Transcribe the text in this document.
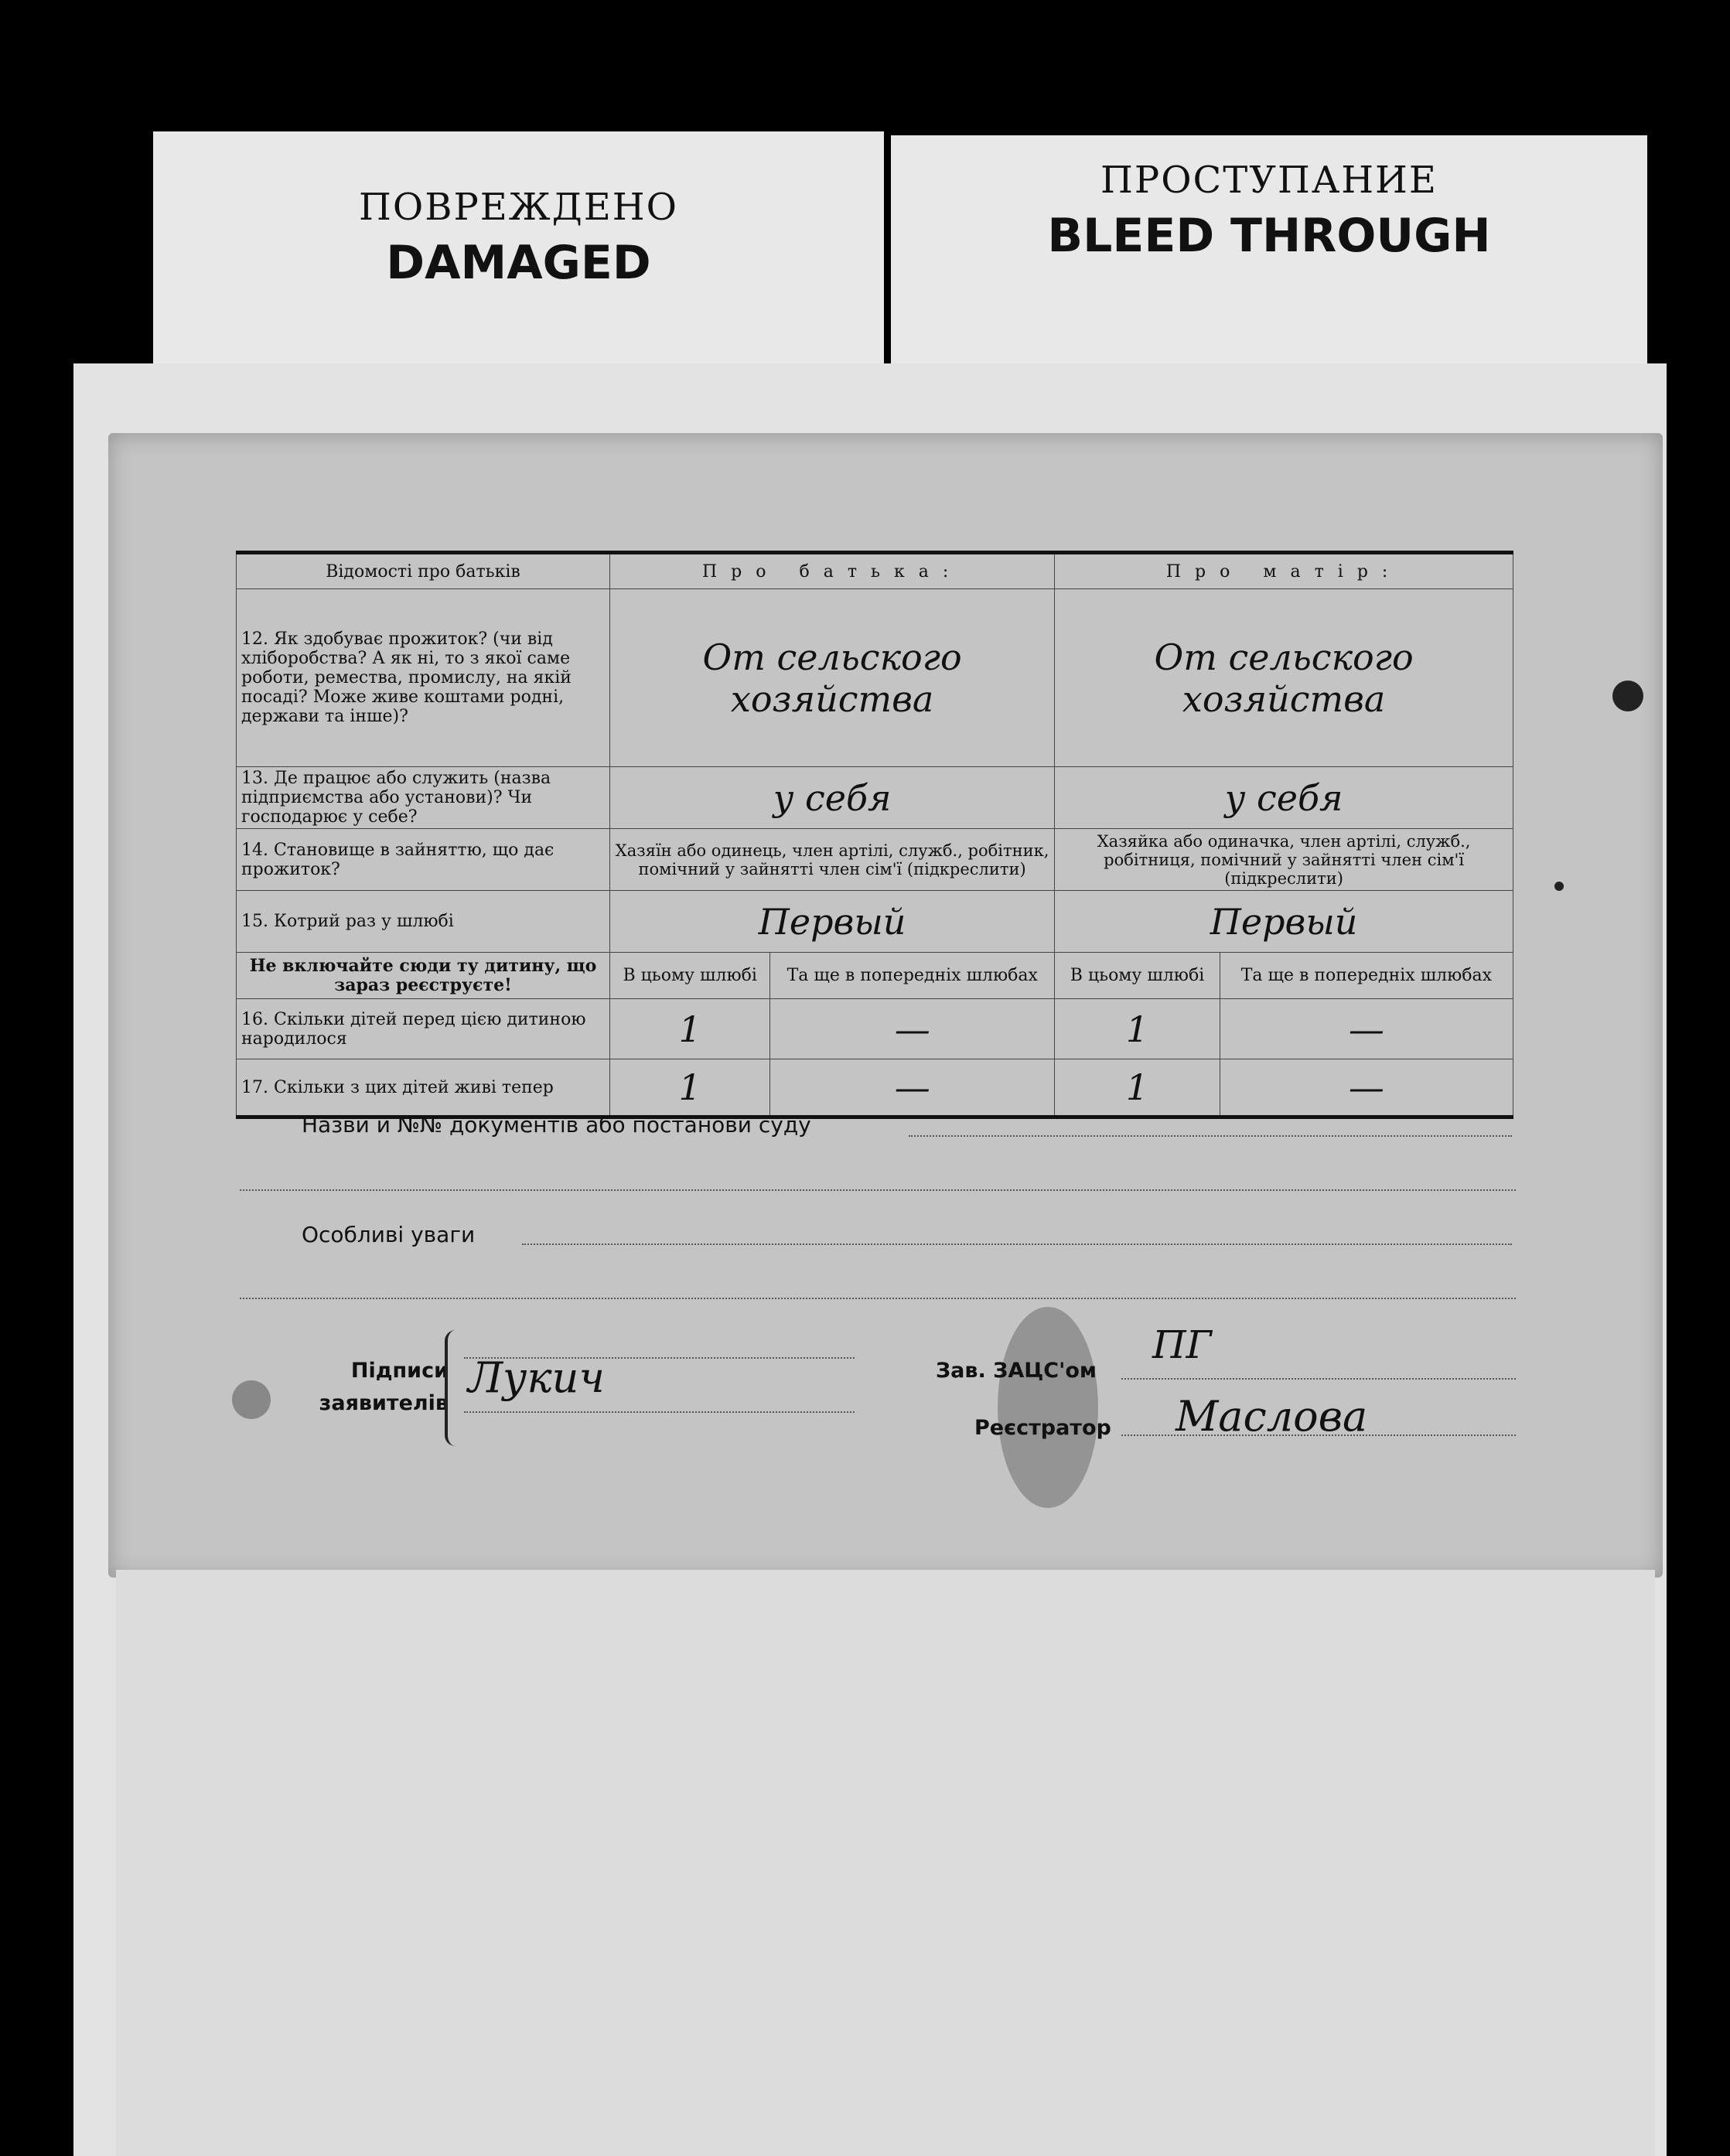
ПОВРЕЖДЕНО
DAMAGED
ПРОСТУПАНИЕ
BLEED THROUGH
Відомості про батьків	Про батька:		Про матір:	
12. Як здобуває прожиток? (чи від хліборобства? А як ні, то з якої саме роботи, ремества, промислу, на якій посаді? Може живе коштами родні, держави та інше)?	От сельского хозяйства		От сельского хозяйства	
13. Де працює або служить (назва підприємства або установи)? Чи господарює у себе?	у себя		у себя	
14. Становище в зайняттю, що дає прожиток?	Хазяїн або одинець, член артілі, служб., робітник, помічний у зайнятті член сім'ї (підкреслити)		Хазяйка або одиначка, член артілі, служб., робітниця, помічний у зайнятті член сім'ї (підкреслити)	
15. Котрий раз у шлюбі	Первый		Первый	
Не включайте сюди ту дитину, що зараз реєструєте!	В цьому шлюбі	Та ще в попередніх шлюбах	В цьому шлюбі	Та ще в попередніх шлюбах
16. Скільки дітей перед цією дитиною народилося	1	—	1	—
17. Скільки з цих дітей живі тепер	1	—	1	—
Назви й №№ документів або постанови суду
Особливі уваги
Підписи
заявителів
Лукич	Зав. ЗАЦС'ом
ПГ
Реєстратор Маслова
